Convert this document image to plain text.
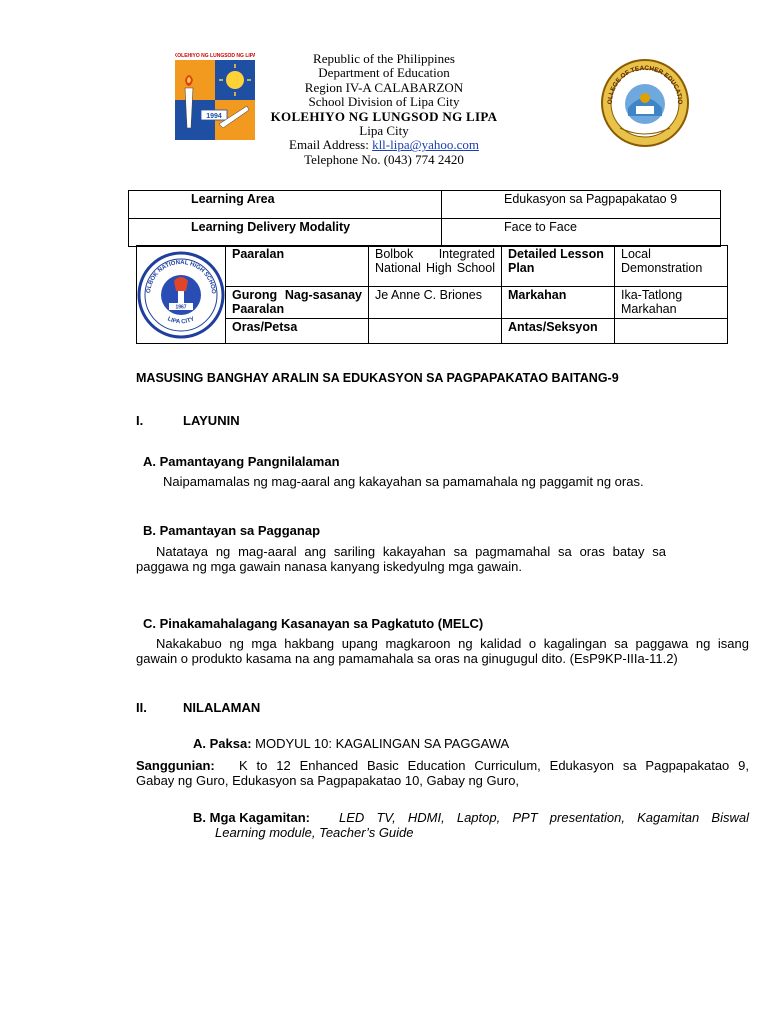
KOLEHIYO NG LUNGSOD NG LIPA
1994
OLLEGE OF TEACHER EDUCATIO
Republic of the Philippines
Department of Education
Region IV-A CALABARZON
School Division of Lipa City
KOLEHIYO NG LUNGSOD NG LIPA
Lipa City
Email Address: kll-lipa@yahoo.com
Telephone No. (043) 774 2420
Learning Area	Edukasyon sa Pagpapakatao 9
Learning Delivery Modality	Face to Face
OLBOK NATIONAL HIGH SCHOO
LIPA CITY
1967
	Paaralan	Bolbok Integrated National High School	Detailed Lesson Plan	Local Demonstration
	Gurong Nag-sasanay Paaralan	Je Anne C. Briones	Markahan	Ika-Tatlong Markahan
	Oras/Petsa		Antas/Seksyon	
MASUSING BANGHAY ARALIN SA EDUKASYON SA PAGPAPAKATAO BAITANG-9
I.	LAYUNIN
A. Pamantayang Pangnilalaman
Naipamamalas ng mag-aaral ang kakayahan sa pamamahala ng paggamit ng oras.
B. Pamantayan sa Pagganap
Natataya ng mag-aaral ang sariling kakayahan sa pagmamahal sa oras batay sa
paggawa ng mga gawain nanasa kanyang iskedyulng mga gawain.
C. Pinakamahalagang Kasanayan sa Pagkatuto (MELC)
Nakakabuo ng mga hakbang upang magkaroon ng kalidad o kagalingan sa paggawa ng isang
gawain o produkto kasama na ang pamamahala sa oras na ginugugul dito. (EsP9KP-IIIa-11.2)
II.	NILALAMAN
A. Paksa: MODYUL 10: KAGALINGAN SA PAGGAWA
Sanggunian: K to 12 Enhanced Basic Education Curriculum, Edukasyon sa Pagpapakatao 9,
Gabay ng Guro, Edukasyon sa Pagpapakatao 10, Gabay ng Guro,
B. Mga Kagamitan: LED TV, HDMI, Laptop, PPT presentation, Kagamitan Biswal
Learning module, Teacher’s Guide
